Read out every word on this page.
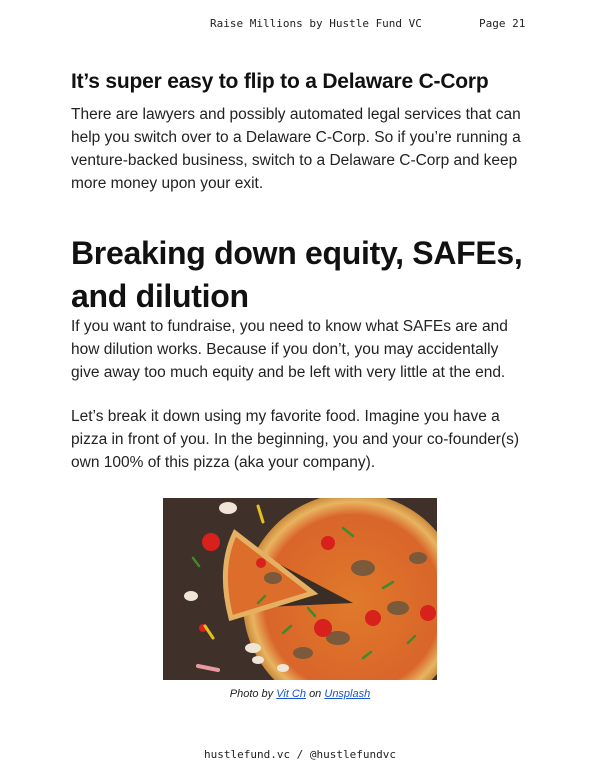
Raise Millions by Hustle Fund VC	Page 21
It’s super easy to flip to a Delaware C-Corp

There are lawyers and possibly automated legal services that can help you switch over to a Delaware C-Corp. So if you’re running a venture-backed business, switch to a Delaware C-Corp and keep more money upon your exit.

Breaking down equity, SAFEs, and dilution

If you want to fundraise, you need to know what SAFEs are and how dilution works. Because if you don’t, you may accidentally give away too much equity and be left with very little at the end.

Let’s break it down using my favorite food. Imagine you have a pizza in front of you. In the beginning, you and your co-founder(s) own 100% of this pizza (aka your company).

Photo by Vit Ch on Unsplash
hustlefund.vc / @hustlefundvc
